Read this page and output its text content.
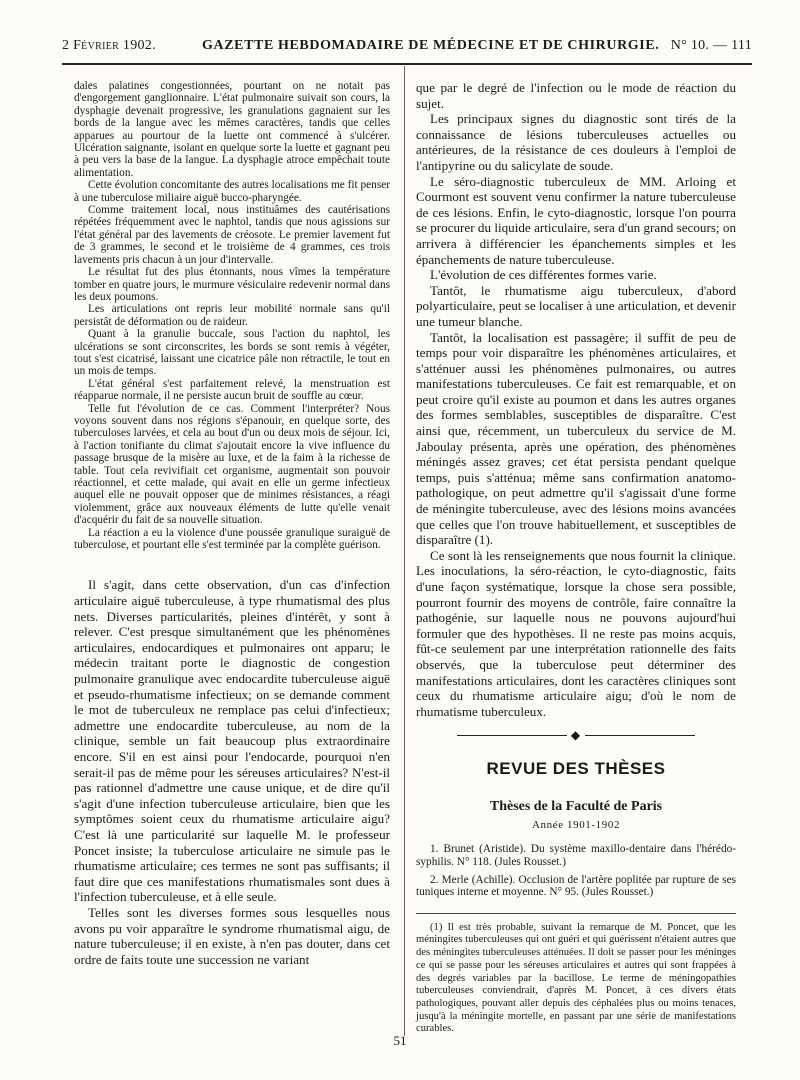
2 Février 1902.	GAZETTE HEBDOMADAIRE DE MÉDECINE ET DE CHIRURGIE. N° 10. — 111

dales palatines congestionnées, pourtant on ne notait pas d'engorgement ganglionnaire. L'état pulmonaire suivait son cours, la dysphagie devenait progressive, les granulations gagnaient sur les bords de la langue avec les mêmes caractères, tandis que celles apparues au pourtour de la luette ont commencé à s'ulcérer. Ulcération saignante, isolant en quelque sorte la luette et gagnant peu à peu vers la base de la langue. La dysphagie atroce empêchait toute alimentation.

Cette évolution concomitante des autres localisations me fit penser à une tuberculose miliaire aiguë bucco-pharyngée.

Comme traitement local, nous instituâmes des cautérisations répétées fréquemment avec le naphtol, tandis que nous agissions sur l'état général par des lavements de créosote. Le premier lavement fut de 3 grammes, le second et le troisième de 4 grammes, ces trois lavements pris chacun à un jour d'intervalle.

Le résultat fut des plus étonnants, nous vîmes la température tomber en quatre jours, le murmure vésiculaire redevenir normal dans les deux poumons.

Les articulations ont repris leur mobilité normale sans qu'il persistât de déformation ou de raideur.

Quant à la granulie buccale, sous l'action du naphtol, les ulcérations se sont circonscrites, les bords se sont remis à végéter, tout s'est cicatrisé, laissant une cicatrice pâle non rétractile, le tout en un mois de temps.

L'état général s'est parfaitement relevé, la menstruation est réapparue normale, il ne persiste aucun bruit de souffle au cœur.

Telle fut l'évolution de ce cas. Comment l'interpréter? Nous voyons souvent dans nos régions s'épanouir, en quelque sorte, des tuberculoses larvées, et cela au bout d'un ou deux mois de séjour. Ici, à l'action tonifiante du climat s'ajoutait encore la vive influence du passage brusque de la misère au luxe, et de la faim à la richesse de table. Tout cela revivifiait cet organisme, augmentait son pouvoir réactionnel, et cette malade, qui avait en elle un germe infectieux auquel elle ne pouvait opposer que de minimes résistances, a réagi violemment, grâce aux nouveaux éléments de lutte qu'elle venait d'acquérir du fait de sa nouvelle situation.

La réaction a eu la violence d'une poussée granulique suraiguë de tuberculose, et pourtant elle s'est terminée par la complète guérison.

Il s'agit, dans cette observation, d'un cas d'infection articulaire aiguë tuberculeuse, à type rhumatismal des plus nets. Diverses particularités, pleines d'intérêt, y sont à relever. C'est presque simultanément que les phénomènes articulaires, endocardiques et pulmonaires ont apparu; le médecin traitant porte le diagnostic de congestion pulmonaire granulique avec endocardite tuberculeuse aiguë et pseudo-rhumatisme infectieux; on se demande comment le mot de tuberculeux ne remplace pas celui d'infectieux; admettre une endocardite tuberculeuse, au nom de la clinique, semble un fait beaucoup plus extraordinaire encore. S'il en est ainsi pour l'endocarde, pourquoi n'en serait-il pas de même pour les séreuses articulaires? N'est-il pas rationnel d'admettre une cause unique, et de dire qu'il s'agit d'une infection tuberculeuse articulaire, bien que les symptômes soient ceux du rhumatisme articulaire aigu? C'est là une particularité sur laquelle M. le professeur Poncet insiste; la tuberculose articulaire ne simule pas le rhumatisme articulaire; ces termes ne sont pas suffisants; il faut dire que ces manifestations rhumatismales sont dues à l'infection tuberculeuse, et à elle seule.

Telles sont les diverses formes sous lesquelles nous avons pu voir apparaître le syndrome rhumatismal aigu, de nature tuberculeuse; il en existe, à n'en pas douter, dans cet ordre de faits toute une succession ne variant

que par le degré de l'infection ou le mode de réaction du sujet.

Les principaux signes du diagnostic sont tirés de la connaissance de lésions tuberculeuses actuelles ou antérieures, de la résistance de ces douleurs à l'emploi de l'antipyrine ou du salicylate de soude.

Le séro-diagnostic tuberculeux de MM. Arloing et Courmont est souvent venu confirmer la nature tuberculeuse de ces lésions. Enfin, le cyto-diagnostic, lorsque l'on pourra se procurer du liquide articulaire, sera d'un grand secours; on arrivera à différencier les épanchements simples et les épanchements de nature tuberculeuse.

L'évolution de ces différentes formes varie.

Tantôt, le rhumatisme aigu tuberculeux, d'abord polyarticulaire, peut se localiser à une articulation, et devenir une tumeur blanche.

Tantôt, la localisation est passagère; il suffit de peu de temps pour voir disparaître les phénomènes articulaires, et s'atténuer aussi les phénomènes pulmonaires, ou autres manifestations tuberculeuses. Ce fait est remarquable, et on peut croire qu'il existe au poumon et dans les autres organes des formes semblables, susceptibles de disparaître. C'est ainsi que, récemment, un tuberculeux du service de M. Jaboulay présenta, après une opération, des phénomènes méningés assez graves; cet état persista pendant quelque temps, puis s'atténua; même sans confirmation anatomo-pathologique, on peut admettre qu'il s'agissait d'une forme de méningite tuberculeuse, avec des lésions moins avancées que celles que l'on trouve habituellement, et susceptibles de disparaître (1).

Ce sont là les renseignements que nous fournit la clinique. Les inoculations, la séro-réaction, le cyto-diagnostic, faits d'une façon systématique, lorsque la chose sera possible, pourront fournir des moyens de contrôle, faire connaître la pathogénie, sur laquelle nous ne pouvons aujourd'hui formuler que des hypothèses. Il ne reste pas moins acquis, fût-ce seulement par une interprétation rationnelle des faits observés, que la tuberculose peut déterminer des manifestations articulaires, dont les caractères cliniques sont ceux du rhumatisme articulaire aigu; d'où le nom de rhumatisme tuberculeux.

◆
REVUE DES THÈSES
Thèses de la Faculté de Paris
Année 1901-1902

1. Brunet (Aristide). Du système maxillo-dentaire dans l'hérédo-syphilis. N° 118. (Jules Rousset.)

2. Merle (Achille). Occlusion de l'artère poplitée par rupture de ses tuniques interne et moyenne. N° 95. (Jules Rousset.)

(1) Il est très probable, suivant la remarque de M. Poncet, que les méningites tuberculeuses qui ont guéri et qui guérissent n'étaient autres que des méningites tuberculeuses atténuées. Il doit se passer pour les méninges ce qui se passe pour les séreuses articulaires et autres qui sont frappées à des degrés variables par la bacillose. Le terme de méningopathies tuberculeuses conviendrait, d'après M. Poncet, à ces divers états pathologiques, pouvant aller depuis des céphalées plus ou moins tenaces, jusqu'à la méningite mortelle, en passant par une série de manifestations curables.

51
